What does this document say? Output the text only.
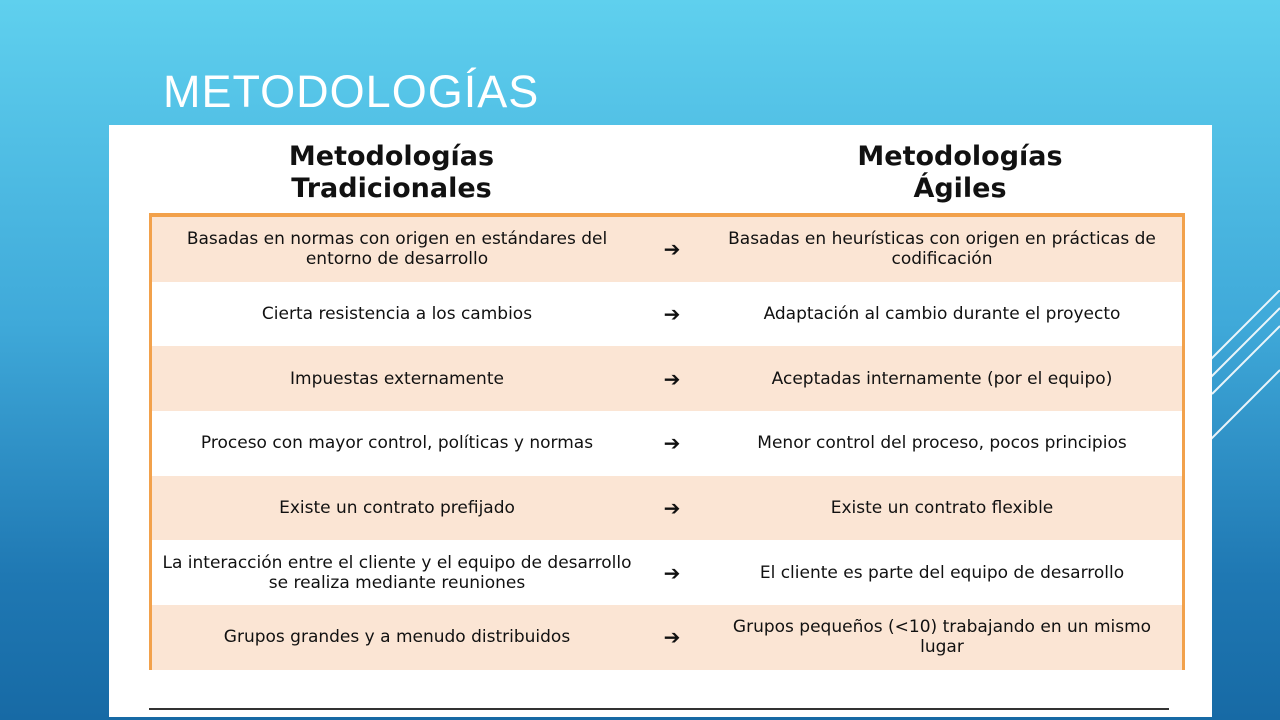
METODOLOGÍAS
Metodologías
Tradicionales
Metodologías
Ágiles
Basadas en normas con origen en estándares del entorno de desarrollo	➔	Basadas en heurísticas con origen en prácticas de codificación
Cierta resistencia a los cambios	➔	Adaptación al cambio durante el proyecto
Impuestas externamente	➔	Aceptadas internamente (por el equipo)
Proceso con mayor control, políticas y normas	➔	Menor control del proceso, pocos principios
Existe un contrato prefijado	➔	Existe un contrato flexible
La interacción entre el cliente y el equipo de desarrollo se realiza mediante reuniones	➔	El cliente es parte del equipo de desarrollo
Grupos grandes y a menudo distribuidos	➔	Grupos pequeños (<10) trabajando en un mismo lugar
